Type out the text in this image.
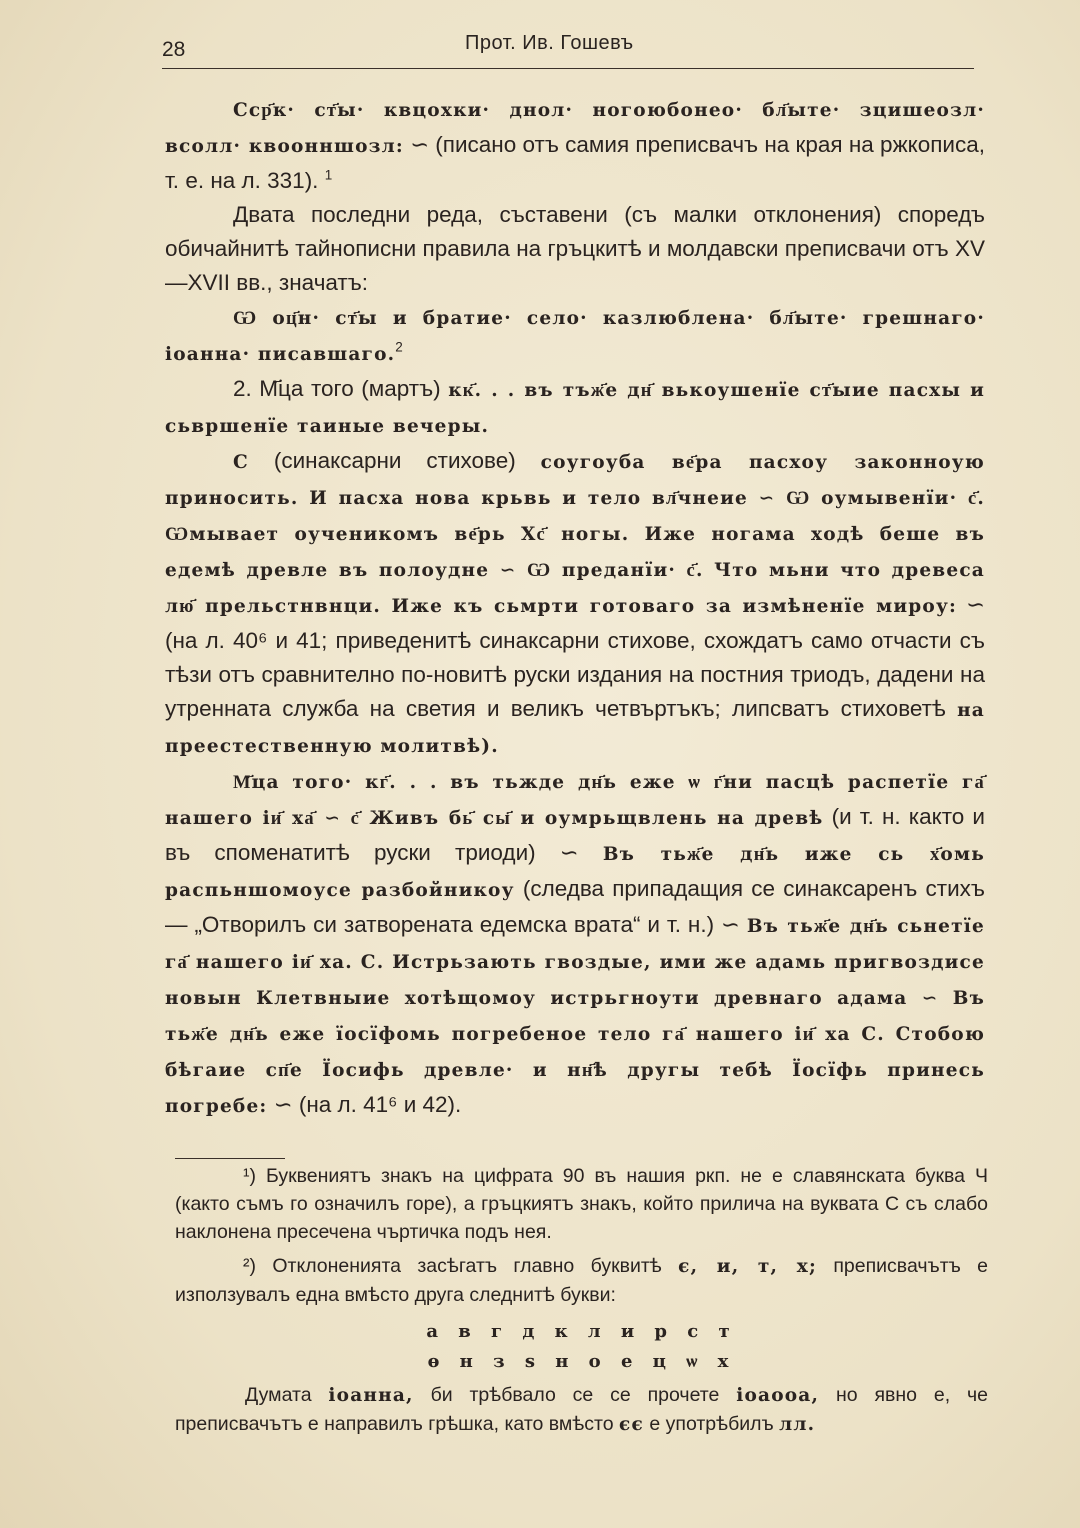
28	Прот. Ив. Гошевъ

Сср҃к· ст҃ы· квцохки· днол· ногоюбонео· бл҃ыте· зцишеозл· всолл· квоонншозл: ∽ (писано отъ самия преписвачъ на края на ржкописа, т. е. на л. 331). $^1$

Двата последни реда, съставени (съ малки отклонения) споредъ обичайнитѣ тайнописни правила на гръцкитѣ и молдавски преписвачи отъ XV—XVII вв., значатъ:

Ѡ оц҃н· ст҃ы и братие· село· казлюблена· бл҃ыте· грешнаго· іоанна· писавшаго.$^2$

2. М҃ца того (мартъ) кк҃. . . въ тъж҃е дн҃ вькоушенїе ст҃ыие пасхы и сьвршенїе таиные вечеры.

С (синаксарни стихове) соугоуба ве҃ра пасхоу законноую приносить. И пасха нова крьвь и тело вл҃чнеие ∽ Ѡ оумывенїи· с҃. Ѡмывает оученикомъ ве҃рь Хс҃ ногы. Иже ногама ходѣ беше въ едемѣ древле въ полоудне ∽ Ѡ преданїи· с҃. Что мьни что древеса лю҃ прельстнвнци. Иже къ сьмрти готоваго за измѣненїе мироу: ∽ (на л. 40⁶ и 41; приведенитѣ синаксарни стихове, схождатъ само отчасти съ тѣзи отъ сравнително по-новитѣ руски издания на постния триодъ, дадени на утренната служба на светия и великъ четвъртъкъ; липсватъ стиховетѣ на преестественную молитвѣ).

М҃ца того· кг҃. . . въ тьжде дн҃ь еже ѡ г҃ни пасцѣ распетїе га҃ нашего іи҃ ха҃ ∽ с҃ Живъ бь҃ сы҃ и оумрьщвлень на древѣ (и т. н. както и въ споменатитѣ руски триоди) ∽ Въ тьж҃е дн҃ь иже сь х҃омь распьншомоусе разбойникоу (следва припадащия се синаксаренъ стихъ — „Отворилъ си затворената едемска врата“ и т. н.) ∽ Въ тьж҃е дн҃ь сьнетїе га҃ нашего іи҃ ха. С. Истрьзають гвоздые, ими же адамь пригвоздисе новын Клетвныие хотѣщомоу истрьгноути древнаго адама ∽ Въ тьж҃е дн҃ь еже їосїфомь погребеное тело га҃ нашего іи҃ ха С. Стобою бѣгаие сп҃е Їосифь древле· и нн҃ѣ другы тебѣ Їосїфь принесь погребе: ∽ (на л. 41⁶ и 42).

¹) Буквениятъ знакъ на цифрата 90 въ нашия ркп. не е славянската буква Ч (както съмъ го означилъ горе), а гръцкиятъ знакъ, който прилича на вуквата С съ слабо наклонена пресечена чъртичка подъ нея.

²) Отклоненията засѣгатъ главно буквитѣ є, и, т, х; преписвачътъ е използувалъ една вмѣсто друга следнитѣ букви:

а в г д к л и р с т
ѳ н з ѕ н о е ц ѡ х

Думата іоанна, би трѣбвало се се прочете іоаооа, но явно е, че преписвачътъ е направилъ грѣшка, като вмѣсто єє е употрѣбилъ лл.
